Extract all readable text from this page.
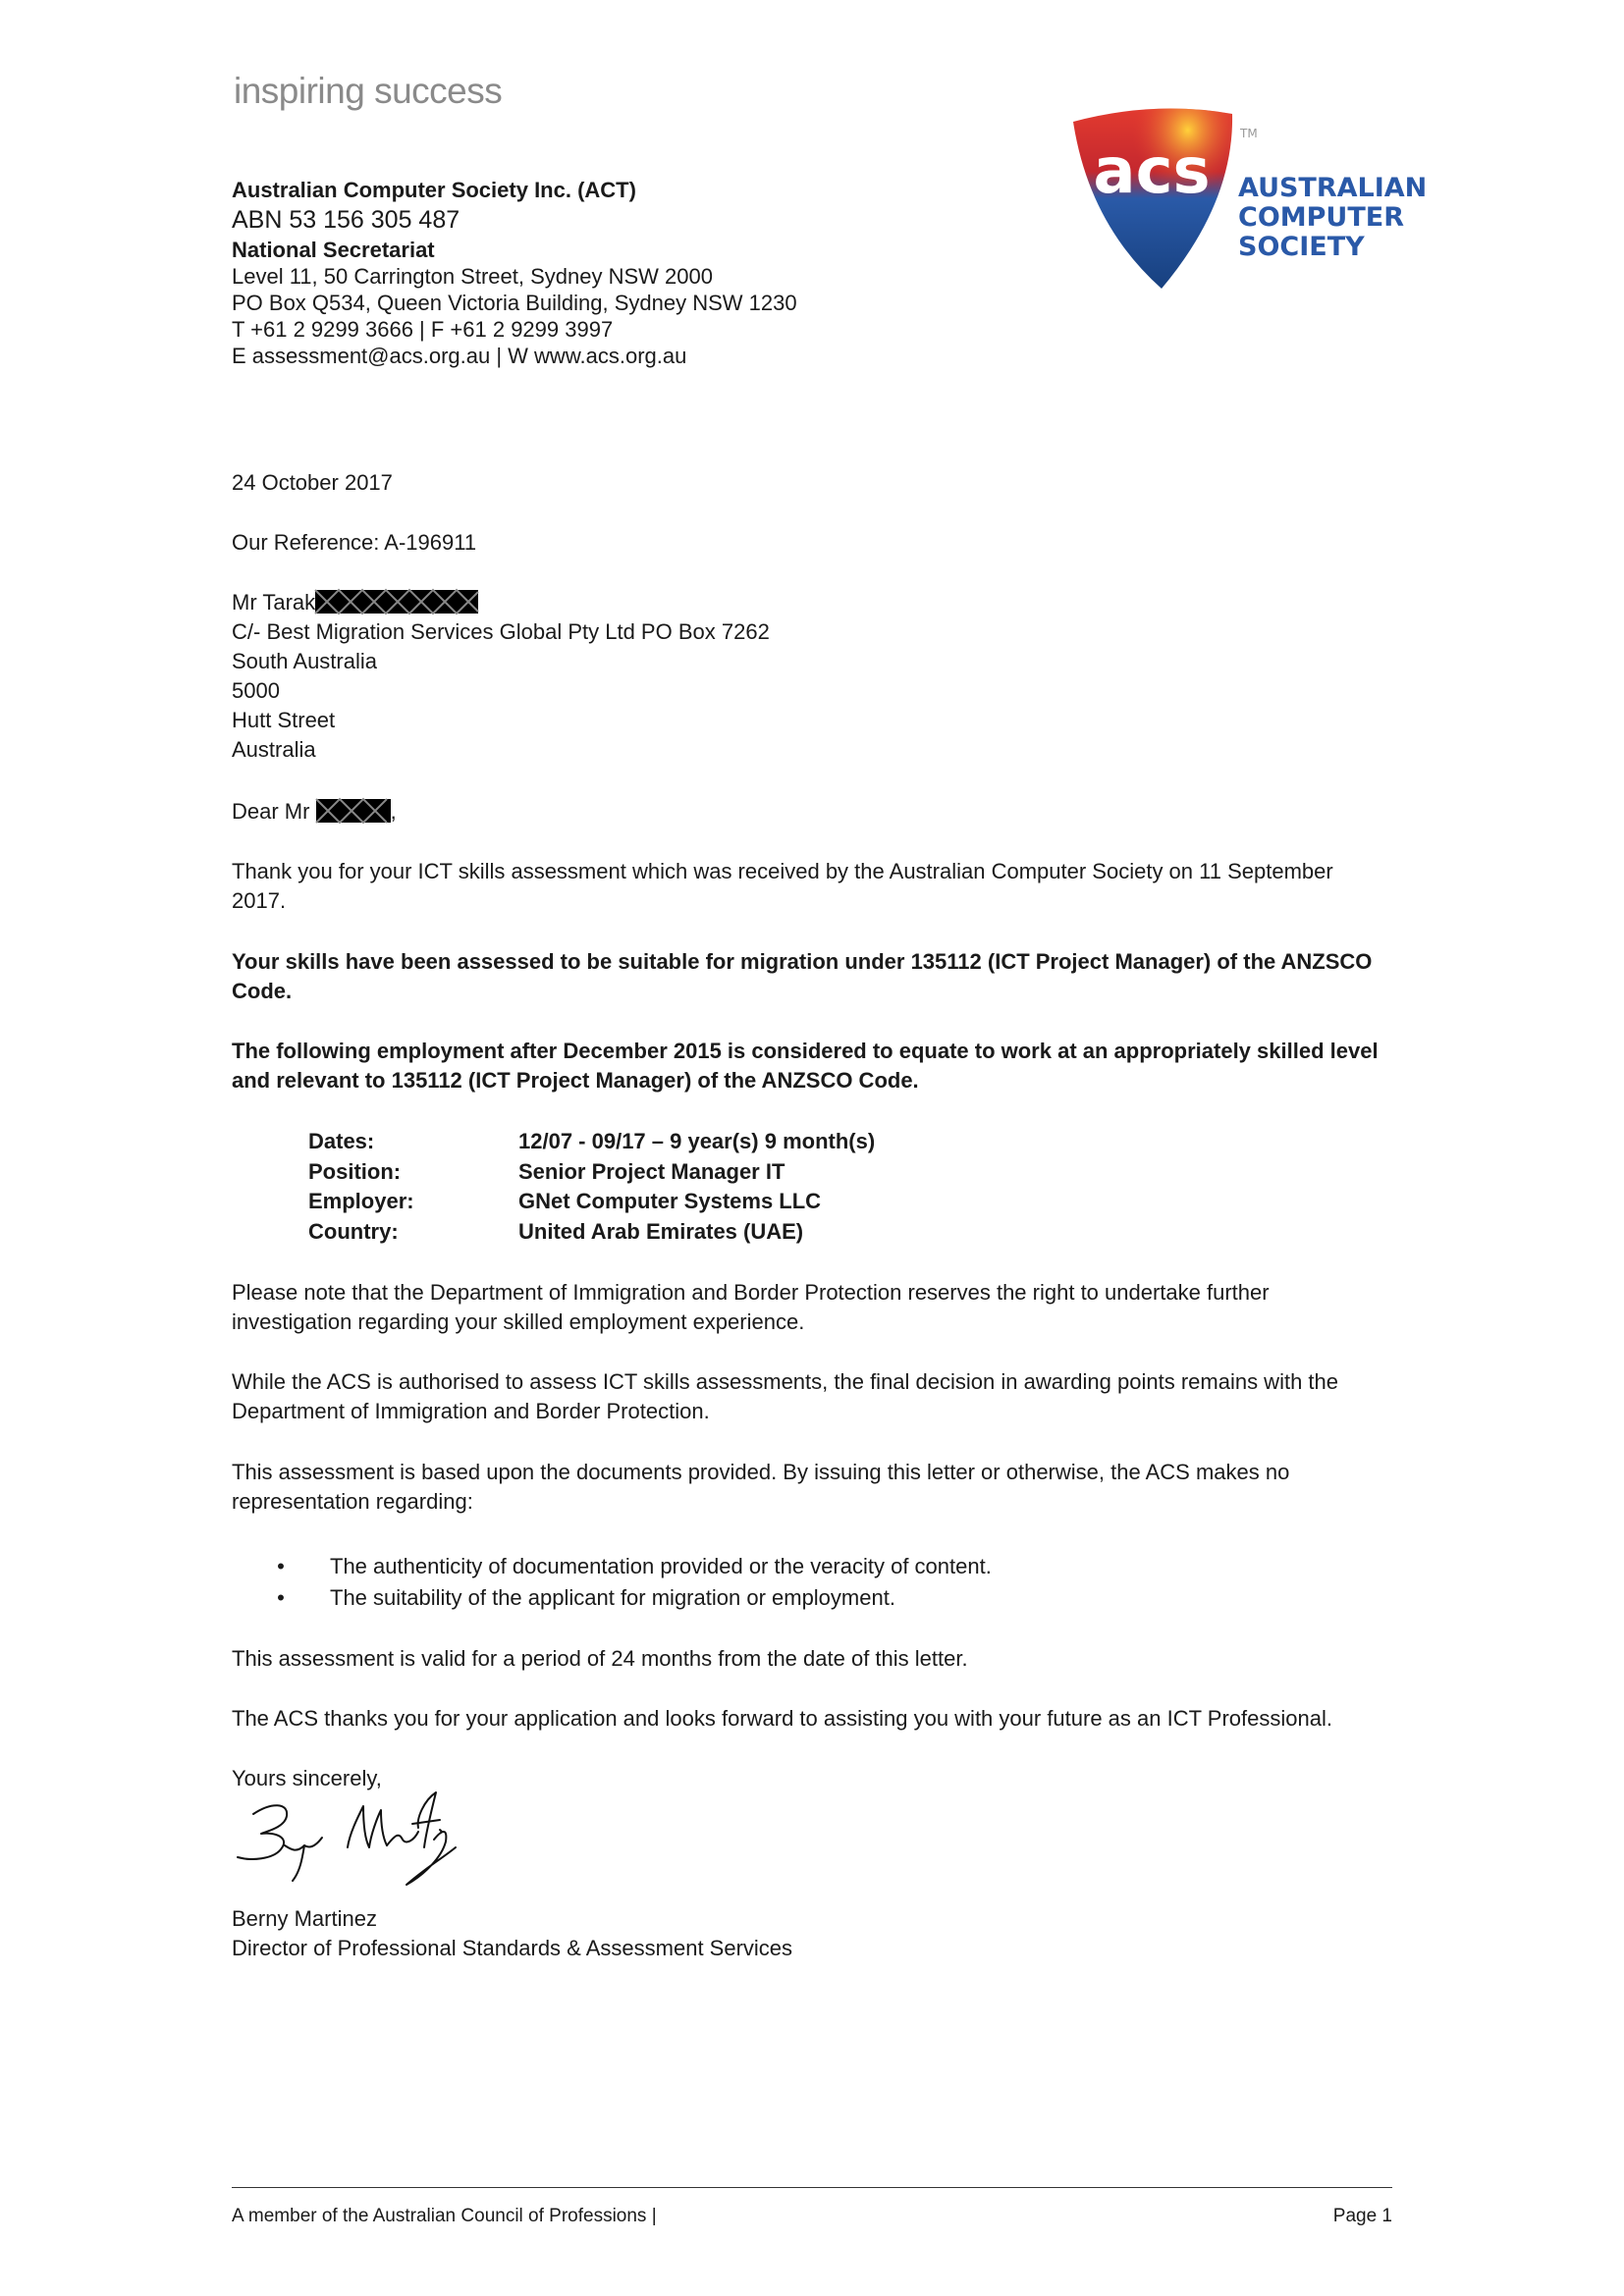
inspiring success
acs
TM
AUSTRALIAN
COMPUTER
SOCIETY
Australian Computer Society Inc. (ACT)
ABN 53 156 305 487
National Secretariat
Level 11, 50 Carrington Street, Sydney NSW 2000
PO Box Q534, Queen Victoria Building, Sydney NSW 1230
T +61 2 9299 3666 | F +61 2 9299 3997
E assessment@acs.org.au | W www.acs.org.au
24 October 2017
Our Reference: A-196911
Mr Tarak
C/- Best Migration Services Global Pty Ltd PO Box 7262
South Australia
5000
Hutt Street
Australia
Dear Mr	,
Thank you for your ICT skills assessment which was received by the Australian Computer Society on 11 September 2017.
Your skills have been assessed to be suitable for migration under 135112 (ICT Project Manager) of the ANZSCO Code.
The following employment after December 2015 is considered to equate to work at an appropriately skilled level and relevant to 135112 (ICT Project Manager) of the ANZSCO Code.
Dates:	12/07 - 09/17 – 9 year(s) 9 month(s)
Position:	Senior Project Manager IT
Employer:	GNet Computer Systems LLC
Country:	United Arab Emirates (UAE)
Please note that the Department of Immigration and Border Protection reserves the right to undertake further investigation regarding your skilled employment experience.
While the ACS is authorised to assess ICT skills assessments, the final decision in awarding points remains with the Department of Immigration and Border Protection.
This assessment is based upon the documents provided. By issuing this letter or otherwise, the ACS makes no representation regarding:
•	The authenticity of documentation provided or the veracity of content.
•	The suitability of the applicant for migration or employment.
This assessment is valid for a period of 24 months from the date of this letter.
The ACS thanks you for your application and looks forward to assisting you with your future as an ICT Professional.
Yours sincerely,
Berny Martinez
Director of Professional Standards & Assessment Services
A member of the Australian Council of Professions |	Page 1
